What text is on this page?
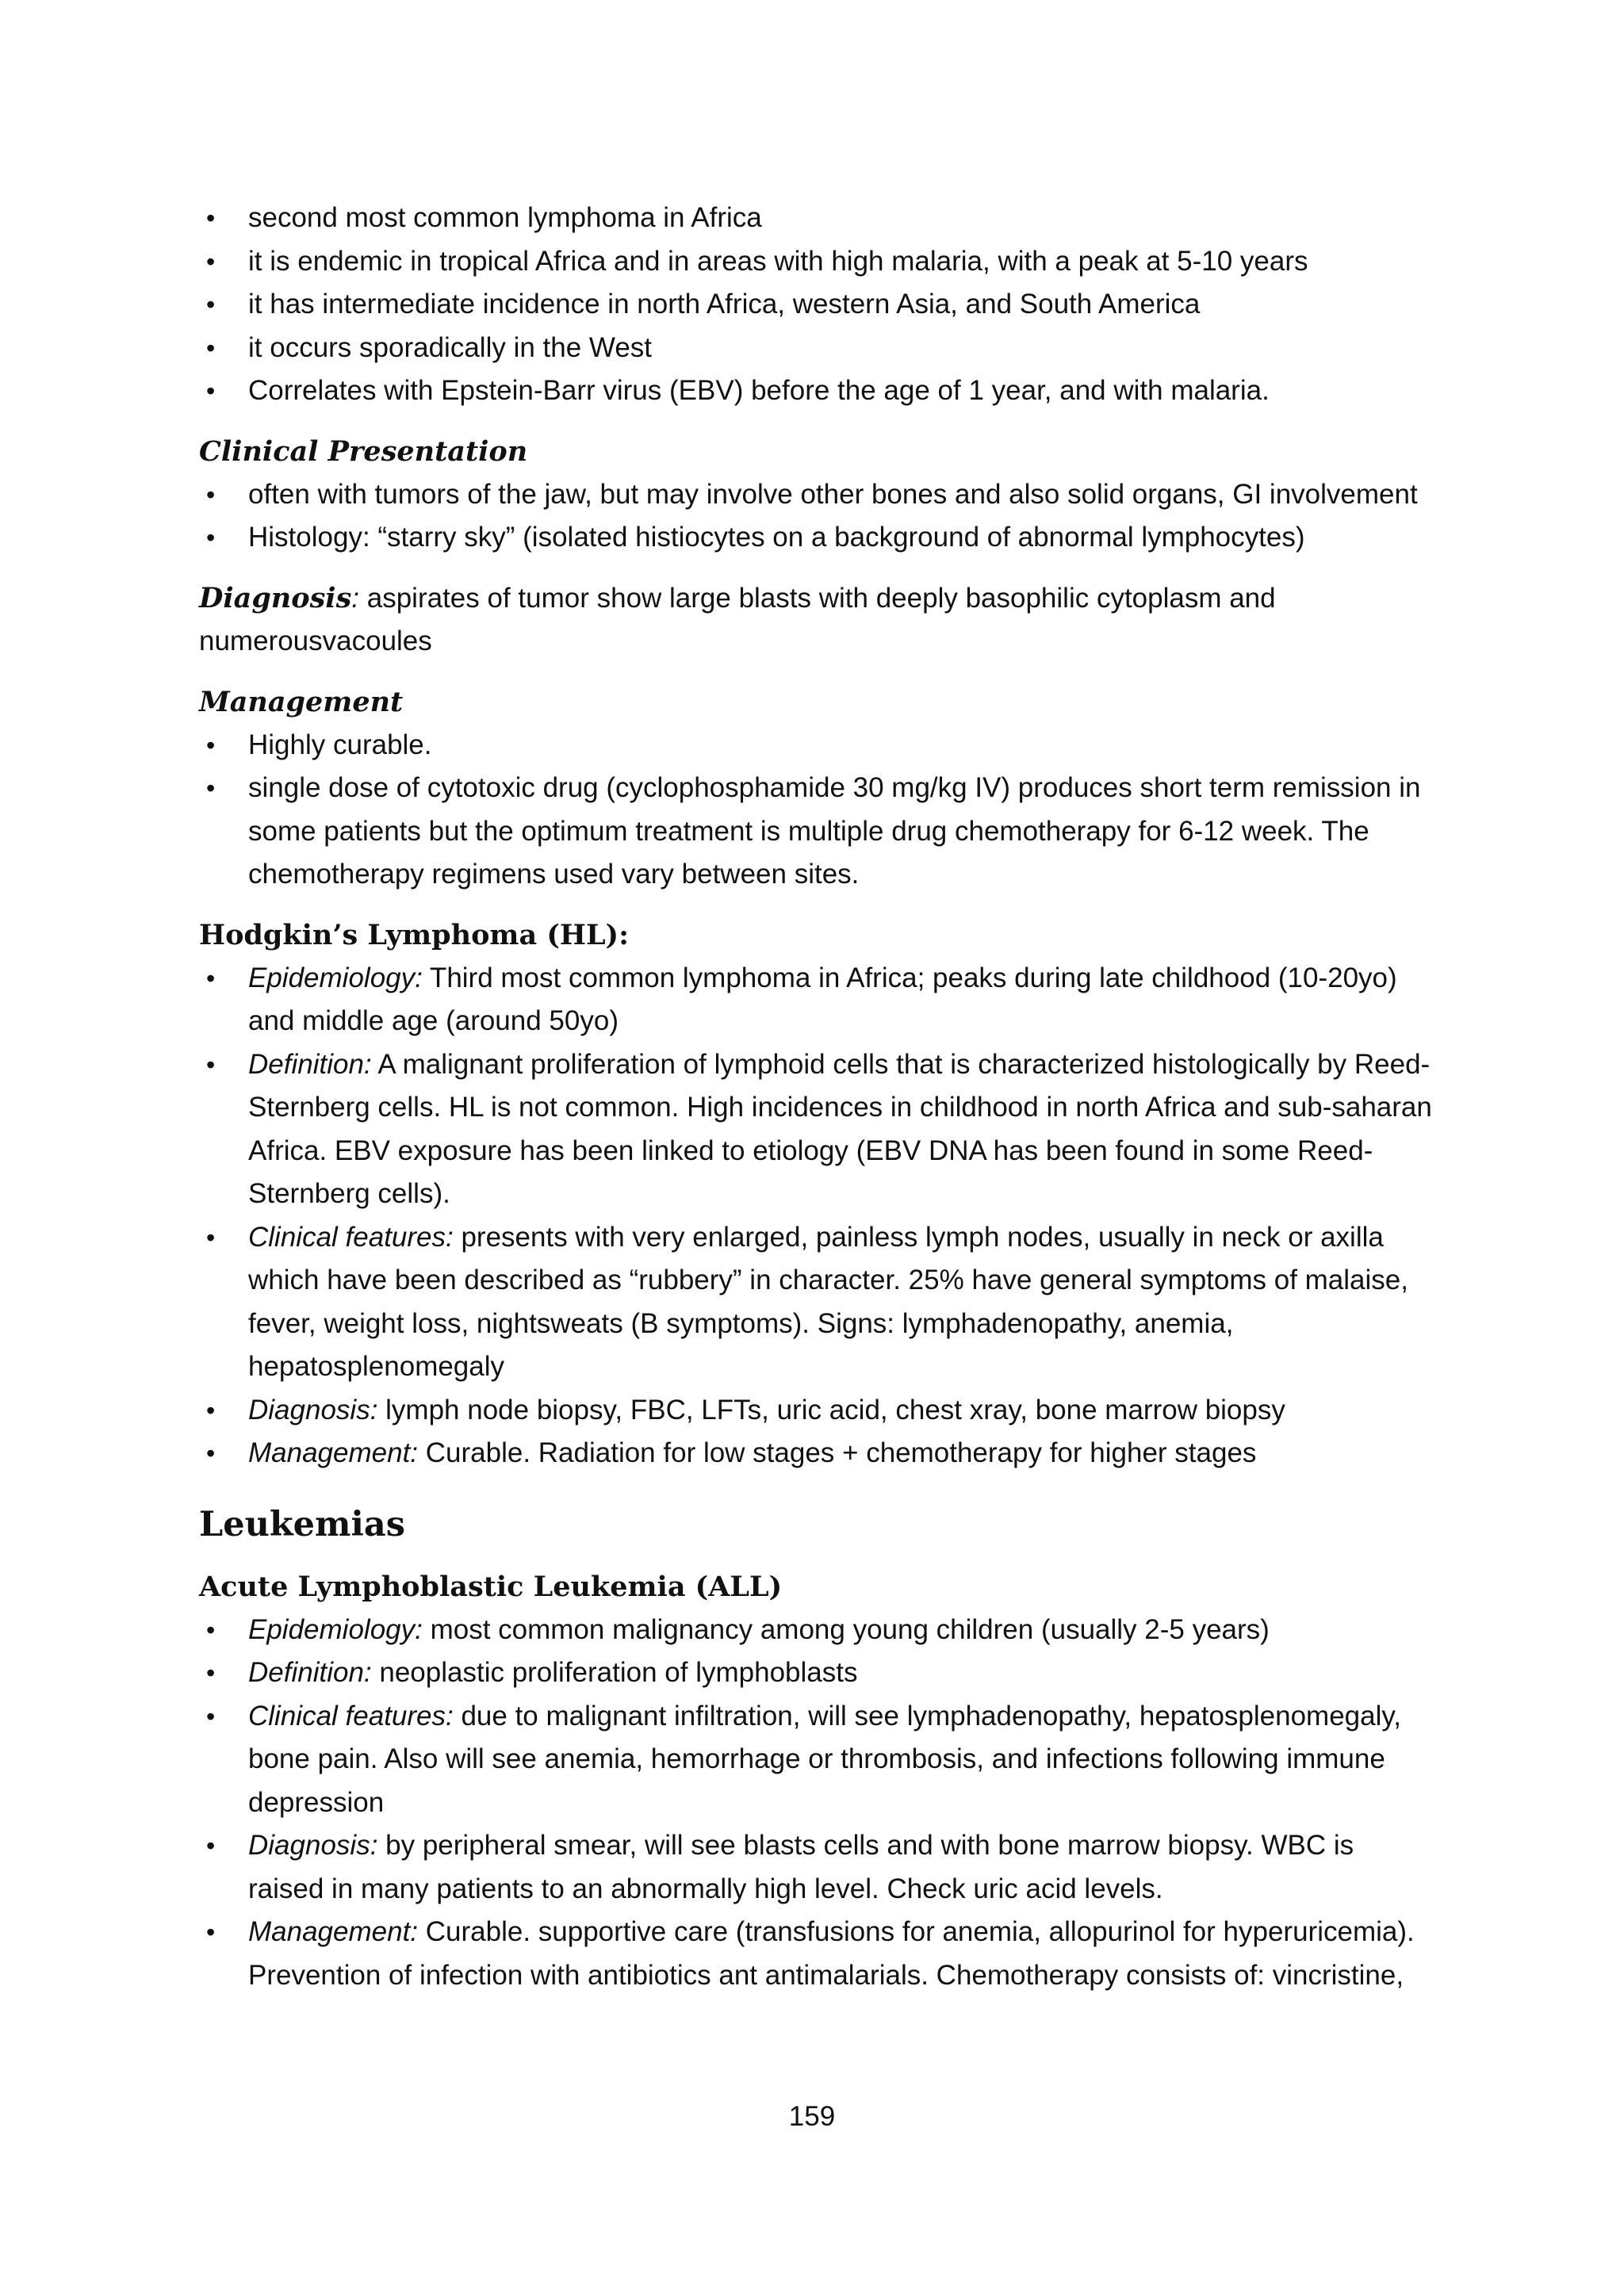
• second most common lymphoma in Africa
• it is endemic in tropical Africa and in areas with high malaria, with a peak at 5-10 years
• it has intermediate incidence in north Africa, western Asia, and South America
• it occurs sporadically in the West
• Correlates with Epstein-Barr virus (EBV) before the age of 1 year, and with malaria.
Clinical Presentation
• often with tumors of the jaw, but may involve other bones and also solid organs, GI involvement
• Histology: “starry sky” (isolated histiocytes on a background of abnormal lymphocytes)

Diagnosis: aspirates of tumor show large blasts with deeply basophilic cytoplasm and numerousvacoules

Management
• Highly curable.
• single dose of cytotoxic drug (cyclophosphamide 30 mg/kg IV) produces short term remission in some patients but the optimum treatment is multiple drug chemotherapy for 6-12 week. The chemotherapy regimens used vary between sites.
Hodgkin’s Lymphoma (HL):
• Epidemiology: Third most common lymphoma in Africa; peaks during late childhood (10-20yo) and middle age (around 50yo)
• Definition: A malignant proliferation of lymphoid cells that is characterized histologically by Reed-Sternberg cells. HL is not common. High incidences in childhood in north Africa and sub-saharan Africa. EBV exposure has been linked to etiology (EBV DNA has been found in some Reed-Sternberg cells).
• Clinical features: presents with very enlarged, painless lymph nodes, usually in neck or axilla which have been described as “rubbery” in character. 25% have general symptoms of malaise, fever, weight loss, nightsweats (B symptoms). Signs: lymphadenopathy, anemia, hepatosplenomegaly
• Diagnosis: lymph node biopsy, FBC, LFTs, uric acid, chest xray, bone marrow biopsy
• Management: Curable. Radiation for low stages + chemotherapy for higher stages
Leukemias
Acute Lymphoblastic Leukemia (ALL)
• Epidemiology: most common malignancy among young children (usually 2-5 years)
• Definition: neoplastic proliferation of lymphoblasts
• Clinical features: due to malignant infiltration, will see lymphadenopathy, hepatosplenomegaly, bone pain. Also will see anemia, hemorrhage or thrombosis, and infections following immune depression
• Diagnosis: by peripheral smear, will see blasts cells and with bone marrow biopsy. WBC is raised in many patients to an abnormally high level. Check uric acid levels.
• Management: Curable. supportive care (transfusions for anemia, allopurinol for hyperuricemia). Prevention of infection with antibiotics ant antimalarials. Chemotherapy consists of: vincristine,
159
